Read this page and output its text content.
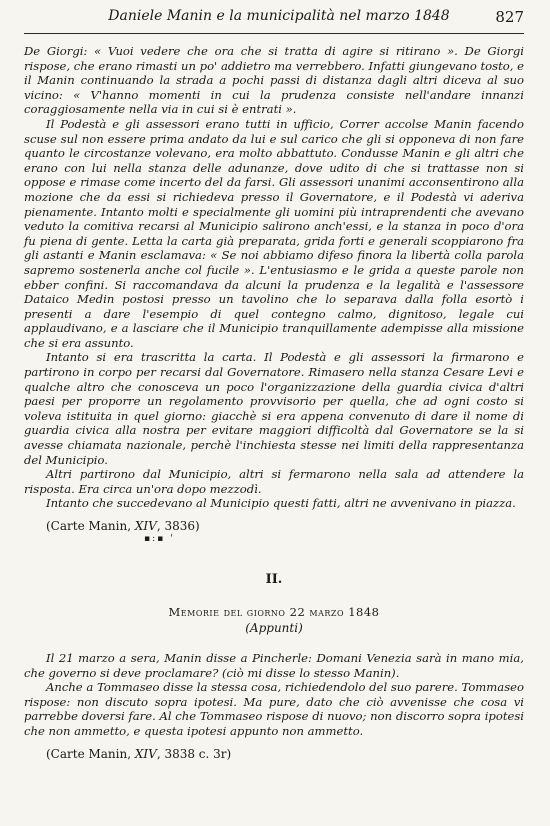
Daniele Manin e la municipalità nel marzo 1848	827

De Giorgi: « Vuoi vedere che ora che si tratta di agire si ritirano ». De Giorgi rispose, che erano rimasti un po' addietro ma verrebbero. Infatti giungevano tosto, e il Manin continuando la strada a pochi passi di distanza dagli altri diceva al suo vicino: « V'hanno momenti in cui la prudenza consiste nell'andare innanzi coraggiosamente nella via in cui si è entrati ».

Il Podestà e gli assessori erano tutti in ufficio, Correr accolse Manin facendo scuse sul non essere prima andato da lui e sul carico che gli si opponeva di non fare quanto le circostanze volevano, era molto abbattuto. Condusse Manin e gli altri che erano con lui nella stanza delle adunanze, dove udito di che si trattasse non si oppose e rimase come incerto del da farsi. Gli assessori unanimi acconsentirono alla mozione che da essi si richiedeva presso il Governatore, e il Podestà vi aderiva pienamente. Intanto molti e specialmente gli uomini più intraprendenti che avevano veduto la comitiva recarsi al Municipio salirono anch'essi, e la stanza in poco d'ora fu piena di gente. Letta la carta già preparata, grida forti e generali scoppiarono fra gli astanti e Manin esclamava: « Se noi abbiamo difeso finora la libertà colla parola sapremo sostenerla anche col fucile ». L'entusiasmo e le grida a queste parole non ebber confini. Si raccomandava da alcuni la prudenza e la legalità e l'assessore Dataico Medin postosi presso un tavolino che lo separava dalla folla esortò i presenti a dare l'esempio di quel contegno calmo, dignitoso, legale cui applaudivano, e a lasciare che il Municipio tranquillamente adempisse alla missione che si era assunto.

Intanto si era trascritta la carta. Il Podestà e gli assessori la firmarono e partirono in corpo per recarsi dal Governatore. Rimasero nella stanza Cesare Levi e qualche altro che conosceva un poco l'organizzazione della guardia civica d'altri paesi per proporre un regolamento provvisorio per quella, che ad ogni costo si voleva istituita in quel giorno: giacchè si era appena convenuto di dare il nome di guardia civica alla nostra per evitare maggiori difficoltà dal Governatore se la si avesse chiamata nazionale, perchè l'inchiesta stesse nei limiti della rappresentanza del Municipio.

Altri partirono dal Municipio, altri si fermarono nella sala ad attendere la risposta. Era circa un'ora dopo mezzodì.

Intanto che succedevano al Municipio questi fatti, altri ne avvenivano in piazza.

(Carte Manin, XIV, 3836)
▪:▪ '
II.
Memorie del giorno 22 marzo 1848
(Appunti)

Il 21 marzo a sera, Manin disse a Pincherle: Domani Venezia sarà in mano mia, che governo si deve proclamare? (ciò mi disse lo stesso Manin).

Anche a Tommaseo disse la stessa cosa, richiedendolo del suo parere. Tommaseo rispose: non discuto sopra ipotesi. Ma pure, dato che ciò avvenisse che cosa vi parrebbe doversi fare. Al che Tommaseo rispose di nuovo; non discorro sopra ipotesi che non ammetto, e questa ipotesi appunto non ammetto.

(Carte Manin, XIV, 3838 c. 3r)
